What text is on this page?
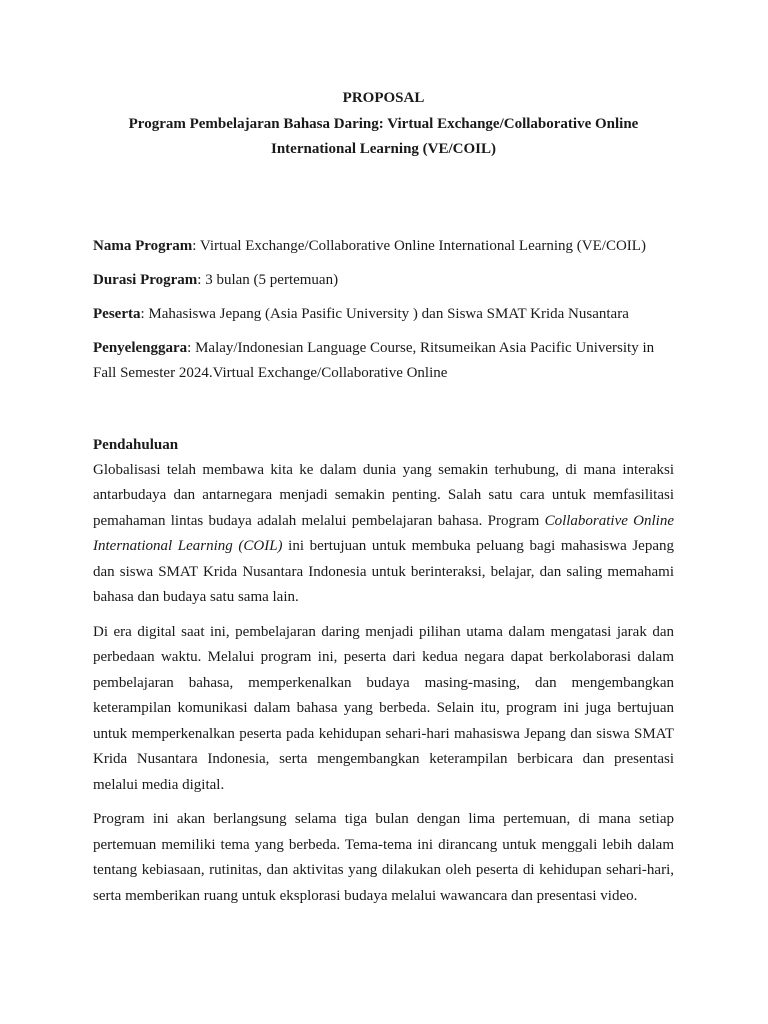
PROPOSAL
Program Pembelajaran Bahasa Daring: Virtual Exchange/Collaborative Online
International Learning (VE/COIL)
Nama Program: Virtual Exchange/Collaborative Online International Learning (VE/COIL)
Durasi Program: 3 bulan (5 pertemuan)
Peserta: Mahasiswa Jepang (Asia Pasific University ) dan Siswa SMAT Krida Nusantara
Penyelenggara: Malay/Indonesian Language Course, Ritsumeikan Asia Pacific University in Fall Semester 2024.Virtual Exchange/Collaborative Online
Pendahuluan

Globalisasi telah membawa kita ke dalam dunia yang semakin terhubung, di mana interaksi antarbudaya dan antarnegara menjadi semakin penting. Salah satu cara untuk memfasilitasi pemahaman lintas budaya adalah melalui pembelajaran bahasa. Program Collaborative Online International Learning (COIL) ini bertujuan untuk membuka peluang bagi mahasiswa Jepang dan siswa SMAT Krida Nusantara Indonesia untuk berinteraksi, belajar, dan saling memahami bahasa dan budaya satu sama lain.

Di era digital saat ini, pembelajaran daring menjadi pilihan utama dalam mengatasi jarak dan perbedaan waktu. Melalui program ini, peserta dari kedua negara dapat berkolaborasi dalam pembelajaran bahasa, memperkenalkan budaya masing-masing, dan mengembangkan keterampilan komunikasi dalam bahasa yang berbeda. Selain itu, program ini juga bertujuan untuk memperkenalkan peserta pada kehidupan sehari-hari mahasiswa Jepang dan siswa SMAT Krida Nusantara Indonesia, serta mengembangkan keterampilan berbicara dan presentasi melalui media digital.

Program ini akan berlangsung selama tiga bulan dengan lima pertemuan, di mana setiap pertemuan memiliki tema yang berbeda. Tema-tema ini dirancang untuk menggali lebih dalam tentang kebiasaan, rutinitas, dan aktivitas yang dilakukan oleh peserta di kehidupan sehari-hari, serta memberikan ruang untuk eksplorasi budaya melalui wawancara dan presentasi video.
